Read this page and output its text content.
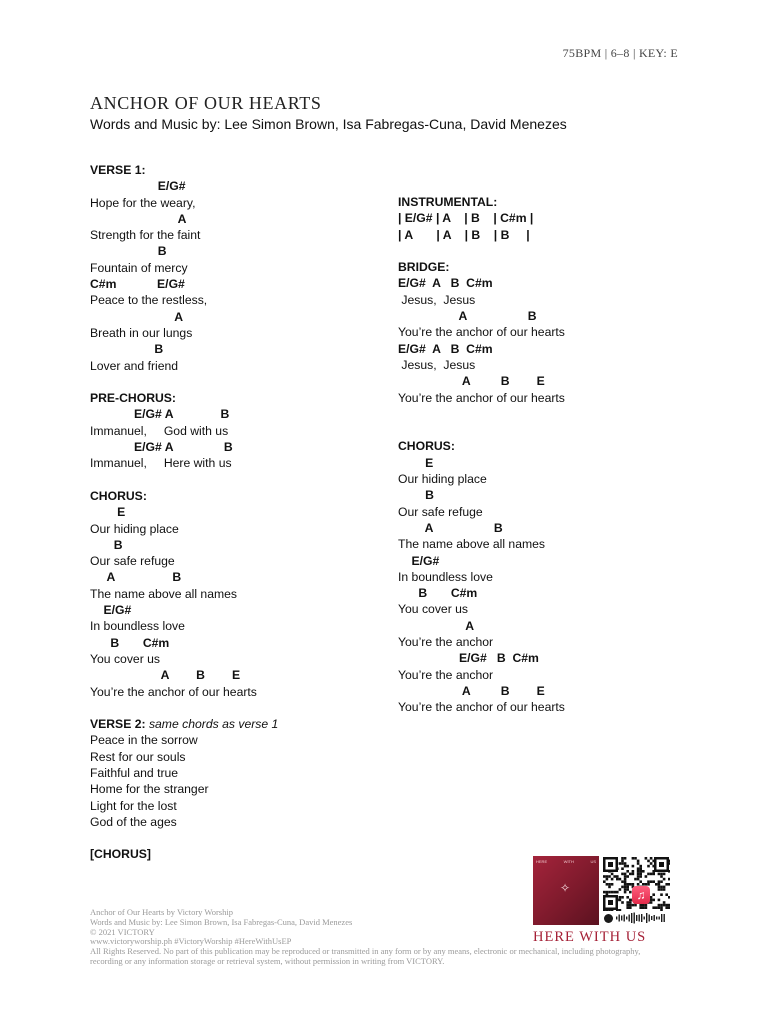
75BPM | 6–8 | KEY: E
ANCHOR OF OUR HEARTS
Words and Music by: Lee Simon Brown, Isa Fabregas-Cuna, David Menezes
VERSE 1:
E/G#
Hope for the weary,
A
Strength for the faint
B
Fountain of mercy
C#m            E/G#
Peace to the restless,
A
Breath in our lungs
B
Lover and friend
PRE-CHORUS:
E/G# A              B
Immanuel,     God with us
E/G# A               B
Immanuel,     Here with us
CHORUS:
E
Our hiding place
B
Our safe refuge
A                 B
The name above all names
E/G#
In boundless love
B       C#m
You cover us
A        B        E
You’re the anchor of our hearts
VERSE 2: same chords as verse 1
Peace in the sorrow
Rest for our souls
Faithful and true
Home for the stranger
Light for the lost
God of the ages
[CHORUS]
INSTRUMENTAL:
| E/G# | A    | B    | C#m |
| A       | A    | B    | B     |
BRIDGE:
E/G#  A   B  C#m
Jesus,  Jesus
A                  B
You’re the anchor of our hearts
E/G#  A   B  C#m
Jesus,  Jesus
A         B        E
You’re the anchor of our hearts
CHORUS:
E
Our hiding place
B
Our safe refuge
A                  B
The name above all names
E/G#
In boundless love
B       C#m
You cover us
A
You’re the anchor
E/G#   B  C#m
You’re the anchor
A         B        E
You’re the anchor of our hearts
Anchor of Our Hearts by Victory Worship
Words and Music by: Lee Simon Brown, Isa Fabregas-Cuna, David Menezes
© 2021 VICTORY
www.victoryworship.ph #VictoryWorship #HereWithUsEP
All Rights Reserved. No part of this publication may be reproduced or transmitted in any form or by any means, electronic or mechanical, including photography,
recording or any information storage or retrieval system, without permission in writing from VICTORY.
HERE	WITH	US
✧	♫
HERE WITH US
